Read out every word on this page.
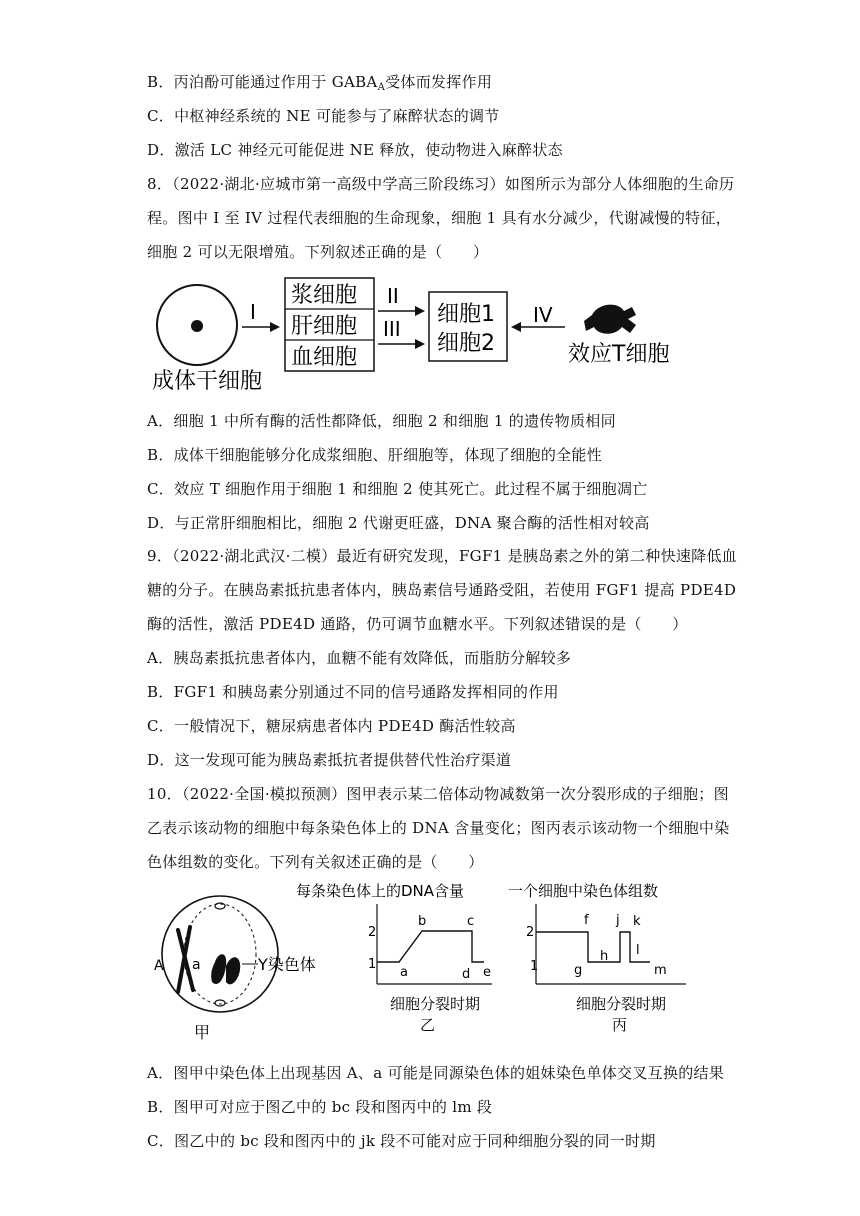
B．丙泊酚可能通过作用于 $GABA_A$受体而发挥作用
C．中枢神经系统的 NE 可能参与了麻醉状态的调节
D．激活 LC 神经元可能促进 NE 释放，使动物进入麻醉状态
8．（2022·湖北·应城市第一高级中学高三阶段练习）如图所示为部分人体细胞的生命历
程。图中 I 至 IV 过程代表细胞的生命现象，细胞 1 具有水分减少，代谢减慢的特征，
细胞 2 可以无限增殖。下列叙述正确的是（　　）
成体干细胞
I
浆细胞
肝细胞
血细胞
II
III
细胞1
细胞2
IV
效应T细胞
A．细胞 1 中所有酶的活性都降低，细胞 2 和细胞 1 的遗传物质相同
B．成体干细胞能够分化成浆细胞、肝细胞等，体现了细胞的全能性
C．效应 T 细胞作用于细胞 1 和细胞 2 使其死亡。此过程不属于细胞凋亡
D．与正常肝细胞相比，细胞 2 代谢更旺盛，DNA 聚合酶的活性相对较高
9．（2022·湖北武汉·二模）最近有研究发现，FGF1 是胰岛素之外的第二种快速降低血
糖的分子。在胰岛素抵抗患者体内，胰岛素信号通路受阻，若使用 FGF1 提高 PDE4D
酶的活性，激活 PDE4D 通路，仍可调节血糖水平。下列叙述错误的是（　　）
A．胰岛素抵抗患者体内，血糖不能有效降低，而脂肪分解较多
B．FGF1 和胰岛素分别通过不同的信号通路发挥相同的作用
C．一般情况下，糖尿病患者体内 PDE4D 酶活性较高
D．这一发现可能为胰岛素抵抗者提供替代性治疗渠道
10．（2022·全国·模拟预测）图甲表示某二倍体动物减数第一次分裂形成的子细胞；图
乙表示该动物的细胞中每条染色体上的 DNA 含量变化；图丙表示该动物一个细胞中染
色体组数的变化。下列有关叙述正确的是（　　）
A a	Y染色体
甲
每条染色体上的DNA含量
2
1
a
b	c
d e
细胞分裂时期
乙
一个细胞中染色体组数
2
1
f
g
h
j k
l
m
细胞分裂时期
丙
A．图甲中染色体上出现基因 A、a 可能是同源染色体的姐妹染色单体交叉互换的结果
B．图甲可对应于图乙中的 bc 段和图丙中的 lm 段
C．图乙中的 bc 段和图丙中的 jk 段不可能对应于同种细胞分裂的同一时期
